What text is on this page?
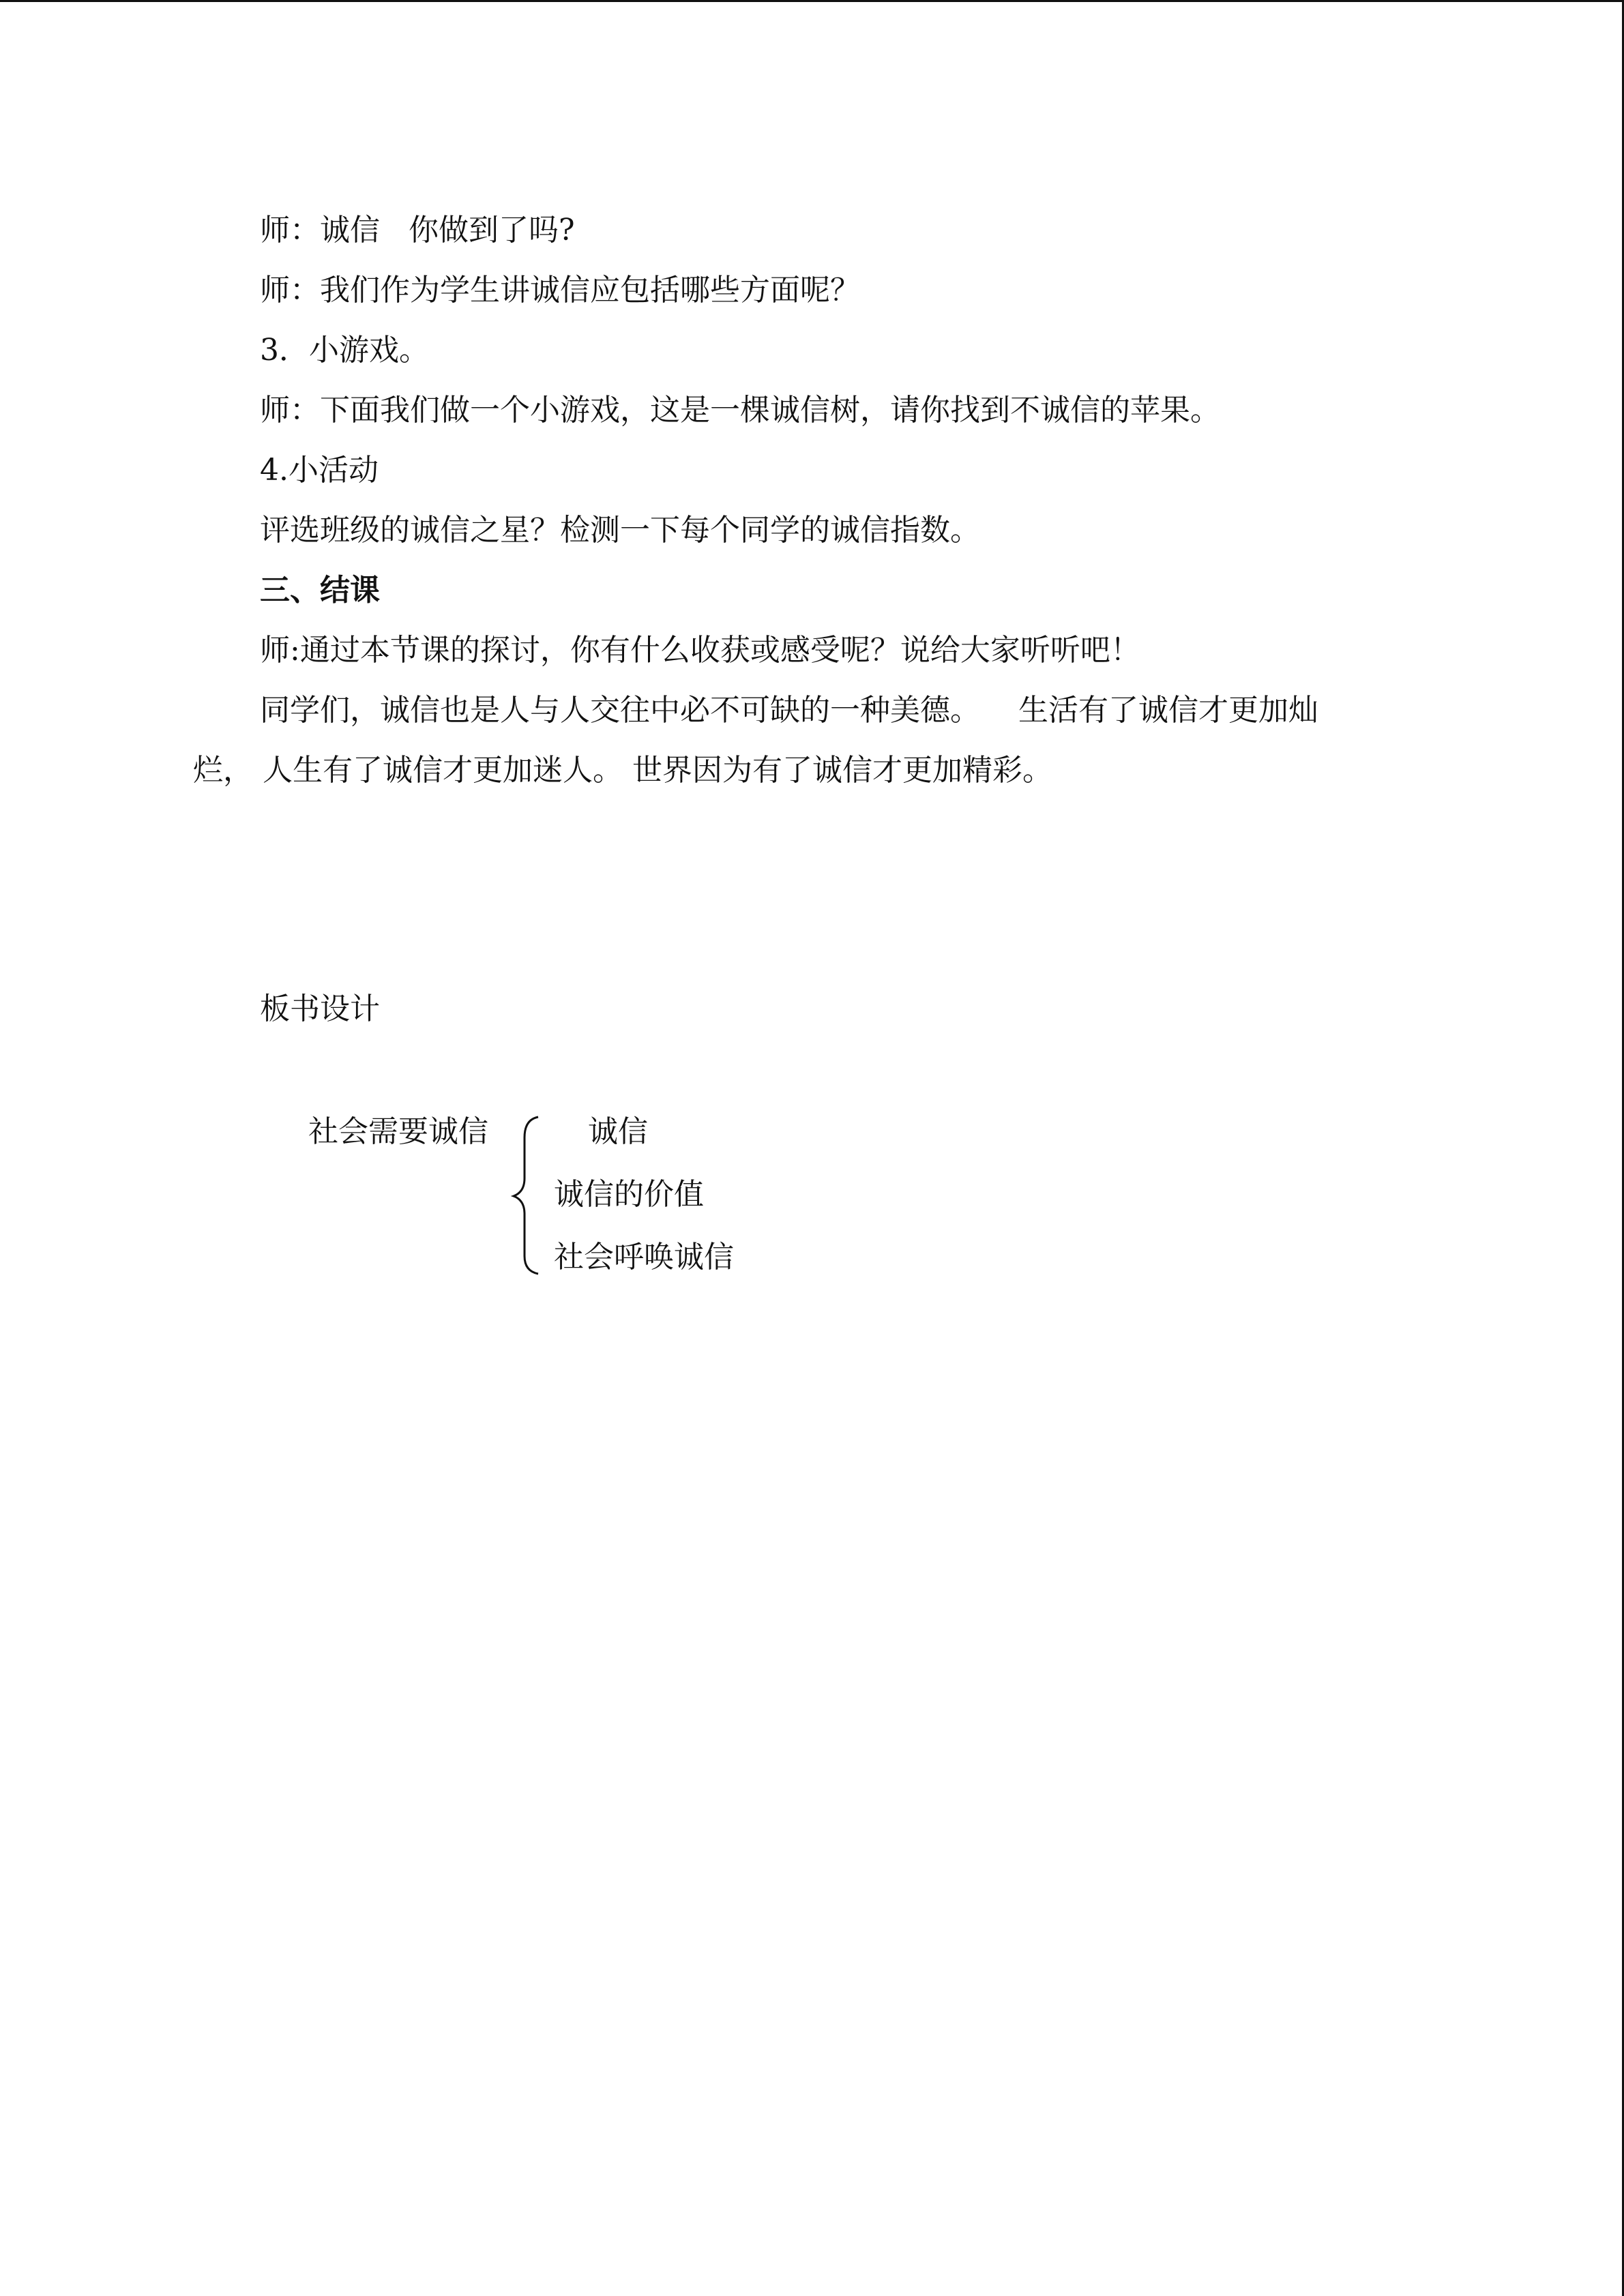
师：诚信   你做到了吗?

师：我们作为学生讲诚信应包括哪些方面呢？

3．小游戏。

师：下面我们做一个小游戏，这是一棵诚信树，请你找到不诚信的苹果。

4.小活动

评选班级的诚信之星？检测一下每个同学的诚信指数。

三、结课

师:通过本节课的探讨，你有什么收获或感受呢？说给大家听听吧！

同学们，诚信也是人与人交往中必不可缺的一种美德。    生活有了诚信才更加灿

烂， 人生有了诚信才更加迷人。 世界因为有了诚信才更加精彩。

板书设计

社会需要诚信	诚信

诚信的价值

社会呼唤诚信
